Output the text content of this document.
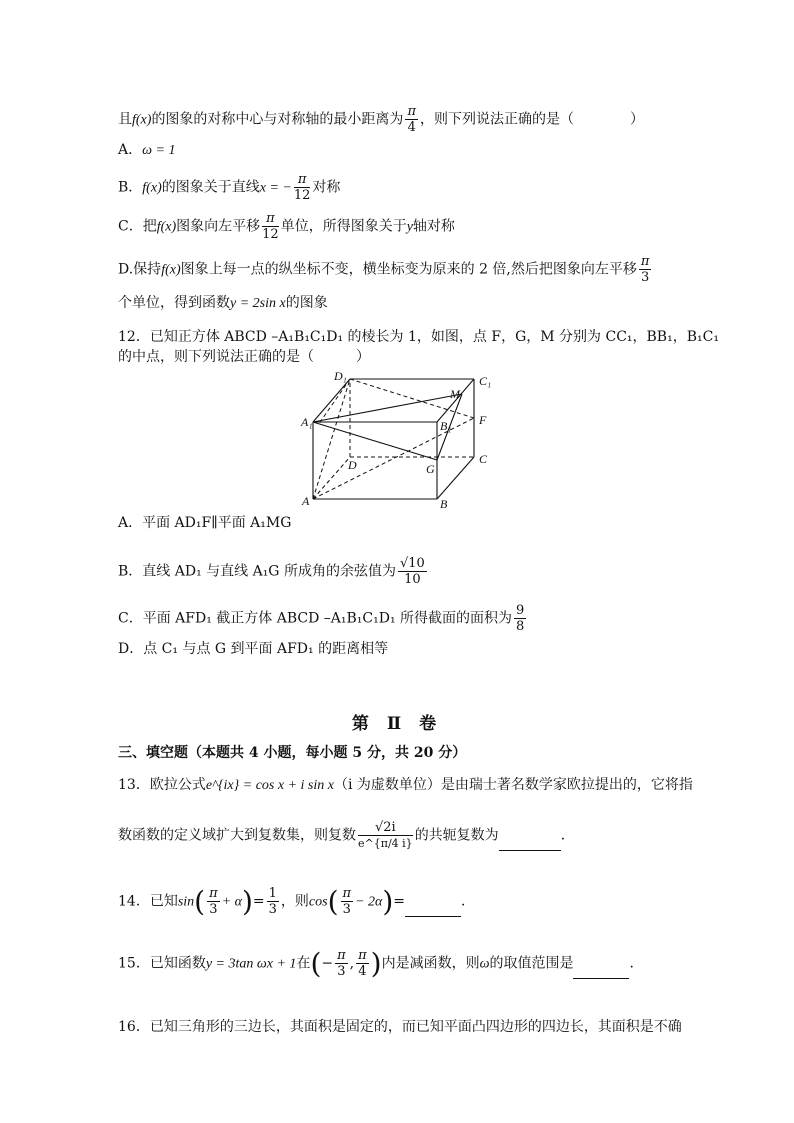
且f(x)的图象的对称中心与对称轴的最小距离为 $\frac{\pi}{4}$ ，则下列说法正确的是（　　　　）
A．ω = 1
B．f(x)的图象关于直线x = − $\frac{\pi}{12}$ 对称
C．把f(x)图象向左平移 $\frac{\pi}{12}$ 单位，所得图象关于y轴对称
D.保持f(x)图象上每一点的纵坐标不变，横坐标变为原来的 2 倍,然后把图象向左平移 $\frac{\pi}{3}$
个单位，得到函数y = 2sin x的图象
12．已知正方体 ABCD –A₁B₁C₁D₁ 的棱长为 1，如图，点 F，G，M 分别为 CC₁，BB₁，B₁C₁
的中点，则下列说法正确的是（　　　）
D₁	C₁
M
A₁	B₁ F
D	C
G
A	B
A．平面 AD₁F∥平面 A₁MG
B．直线 AD₁ 与直线 A₁G 所成角的余弦值为 $\frac{√10}{10}$
C．平面 AFD₁ 截正方体 ABCD –A₁B₁C₁D₁ 所得截面的面积为 $\frac{9}{8}$
D．点 C₁ 与点 G 到平面 AFD₁ 的距离相等
第 Ⅱ 卷
三、填空题（本题共 4 小题，每小题 5 分，共 20 分）
13．欧拉公式e^{ix} = cos x + i sin x（i 为虚数单位）是由瑞士著名数学家欧拉提出的，它将指
数函数的定义域扩大到复数集，则复数 $\frac{√2i}{e\^{}\{\pi/4 i\}}$ 的共轭复数为	．
14．已知$\sin( \frac{\pi}{3} + \alpha)= \frac{1}{3}$ ，则$\cos( \frac{\pi}{3} - 2\alpha)=$	．
15．已知函数y = 3tan ωx + 1在(− $\frac{\pi}{3}$ , $\frac{\pi}{4}$ )内是减函数，则ω的取值范围是	．
16．已知三角形的三边长，其面积是固定的，而已知平面凸四边形的四边长，其面积是不确
